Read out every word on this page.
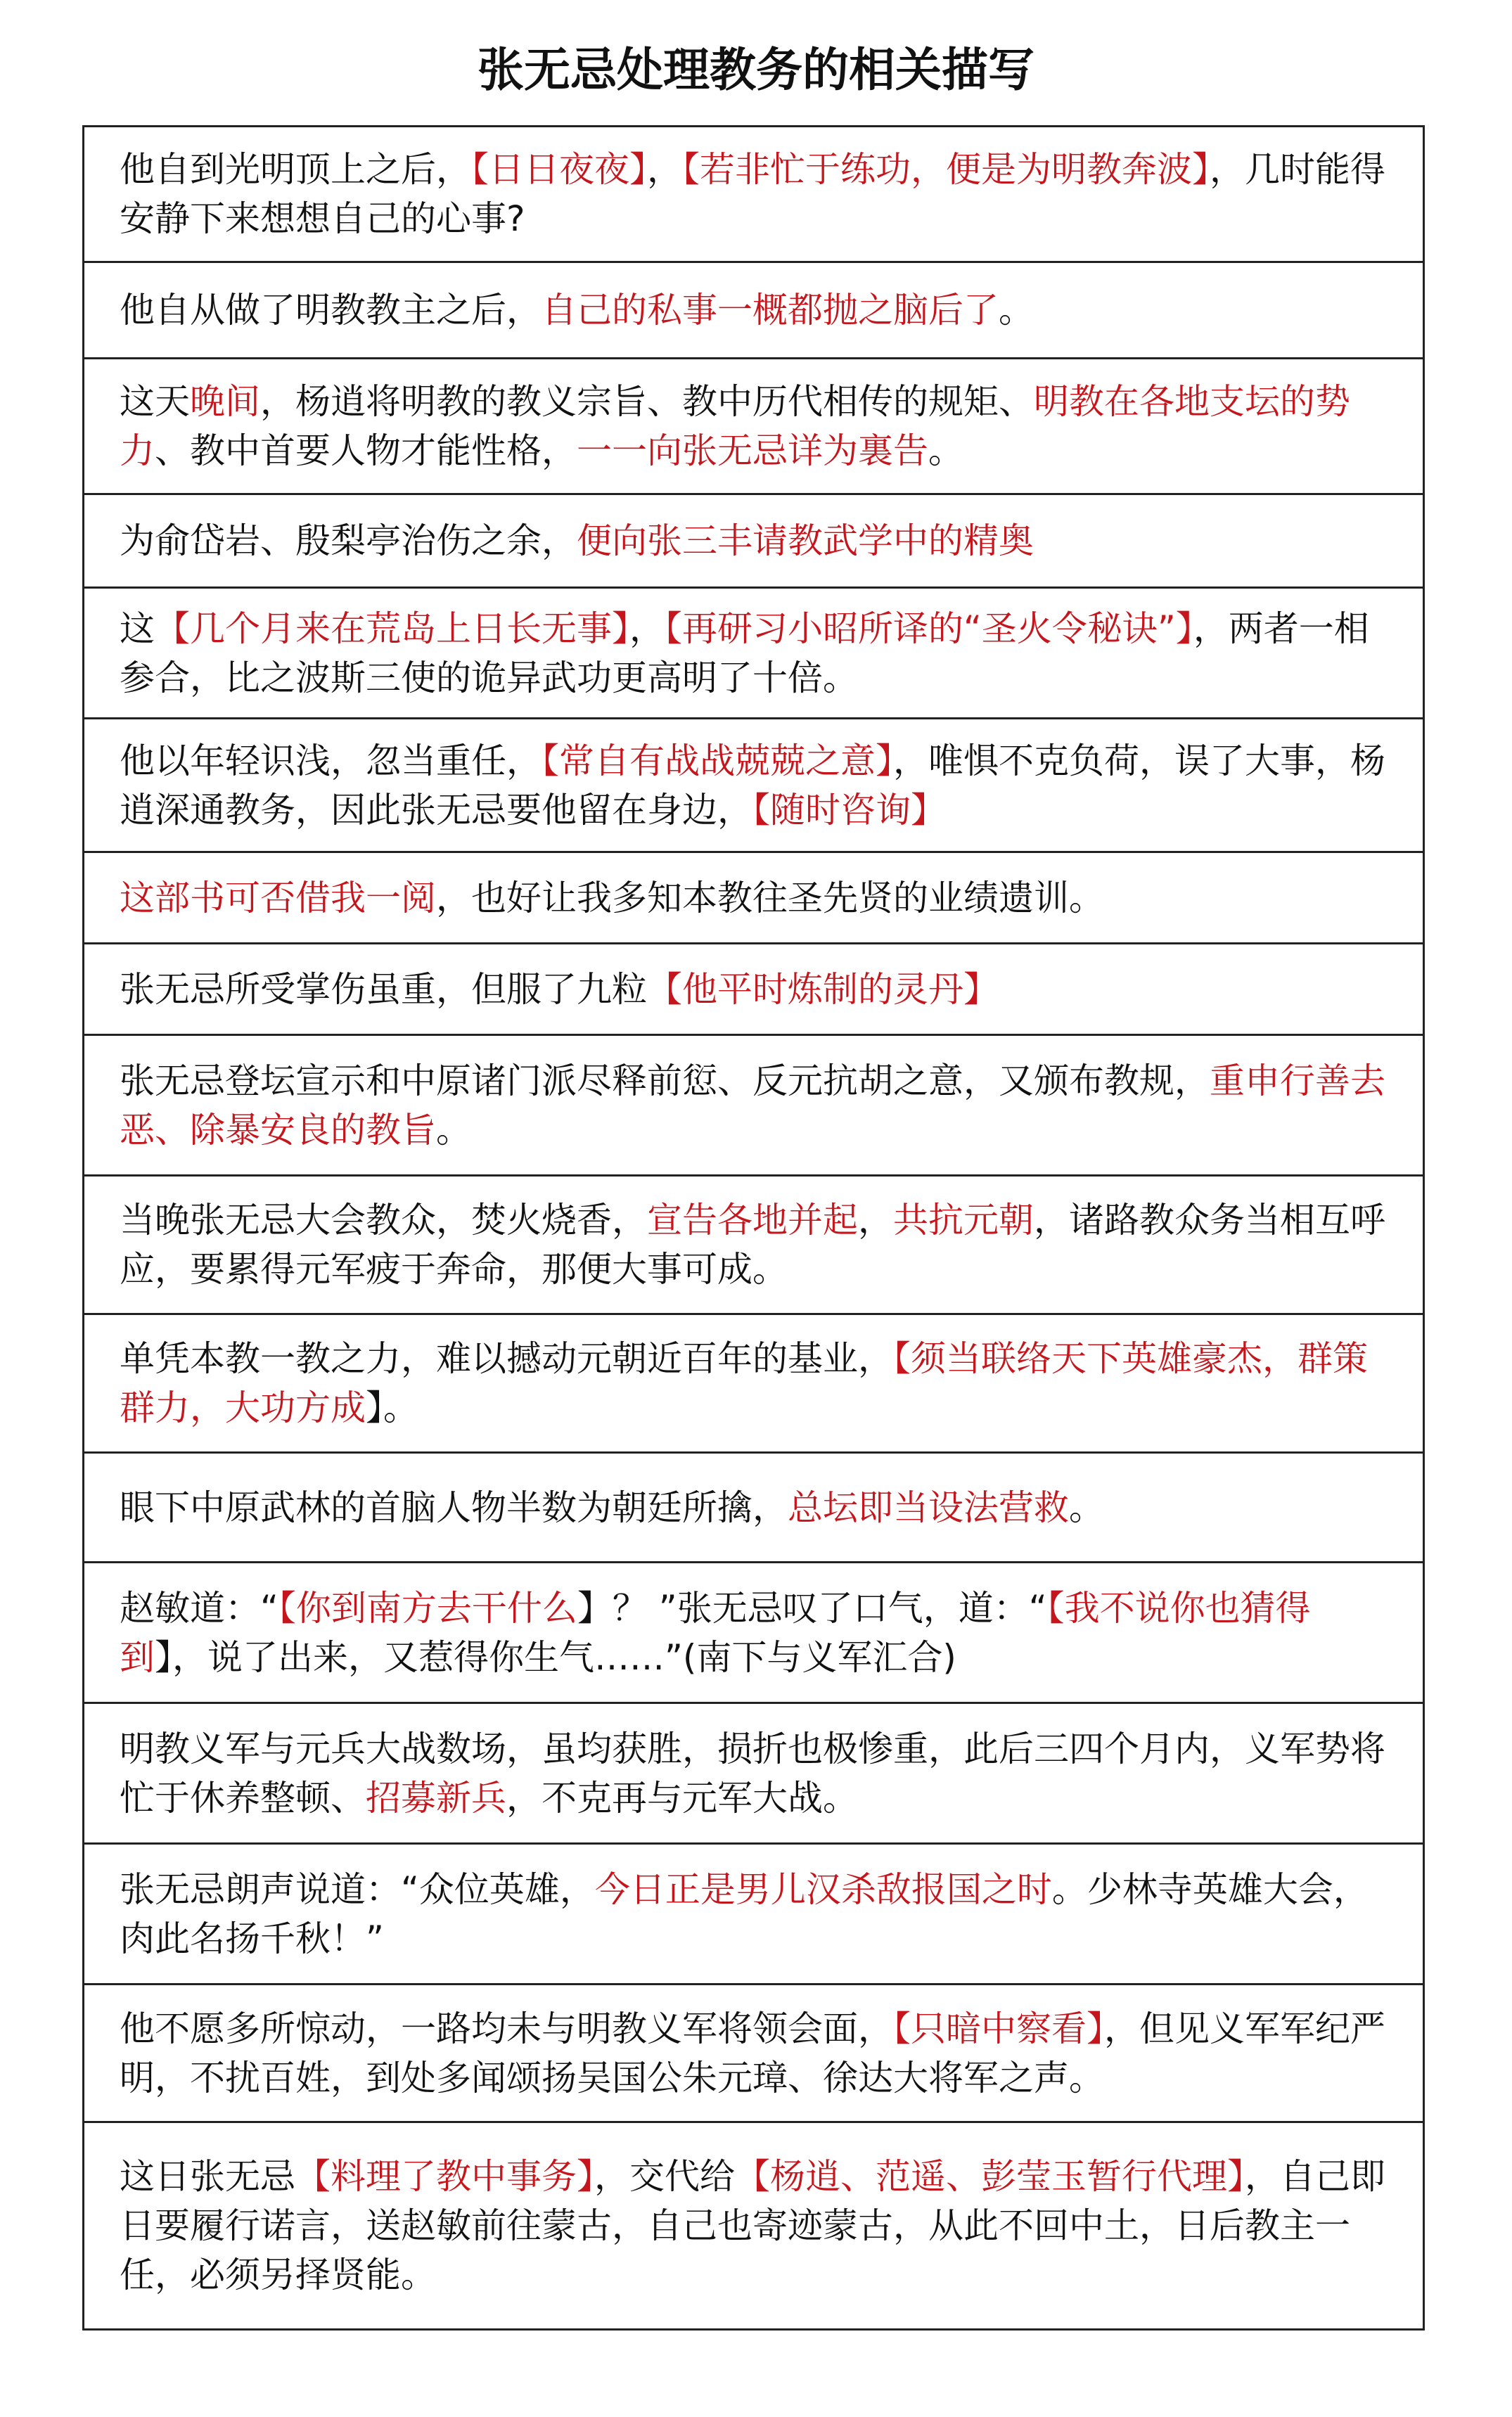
张无忌处理教务的相关描写
他自到光明顶上之后，【日日夜夜】，【若非忙于练功，便是为明教奔波】，几时能得安静下来想想自己的心事?
他自从做了明教教主之后，自己的私事一概都抛之脑后了。
这天晚间，杨逍将明教的教义宗旨、教中历代相传的规矩、明教在各地支坛的势力、教中首要人物才能性格，一一向张无忌详为裏告。
为俞岱岩、殷梨亭治伤之余，便向张三丰请教武学中的精奥
这【几个月来在荒岛上日长无事】，【再研习小昭所译的“圣火令秘诀”】，两者一相参合，比之波斯三使的诡异武功更高明了十倍。
他以年轻识浅，忽当重任，【常自有战战兢兢之意】，唯惧不克负荷，误了大事，杨逍深通教务，因此张无忌要他留在身边，【随时咨询】
这部书可否借我一阅，也好让我多知本教往圣先贤的业绩遗训。
张无忌所受掌伤虽重，但服了九粒【他平时炼制的灵丹】
张无忌登坛宣示和中原诸门派尽释前愆、反元抗胡之意，又颁布教规，重申行善去恶、除暴安良的教旨。
当晚张无忌大会教众，焚火烧香，宣告各地并起，共抗元朝，诸路教众务当相互呼应，要累得元军疲于奔命，那便大事可成。
单凭本教一教之力，难以撼动元朝近百年的基业，【须当联络天下英雄豪杰，群策群力，大功方成】。
眼下中原武林的首脑人物半数为朝廷所擒，总坛即当设法营救。
赵敏道：“【你到南方去干什么】？ ”张无忌叹了口气，道：“【我不说你也猜得到】，说了出来，又惹得你生气……”(南下与义军汇合)
明教义军与元兵大战数场，虽均获胜，损折也极惨重，此后三四个月内，义军势将忙于休养整顿、招募新兵，不克再与元军大战。
张无忌朗声说道：“众位英雄，今日正是男儿汉杀敌报国之时。少林寺英雄大会，肉此名扬千秋！”
他不愿多所惊动，一路均未与明教义军将领会面，【只暗中察看】，但见义军军纪严明，不扰百姓，到处多闻颂扬吴国公朱元璋、徐达大将军之声。
这日张无忌【料理了教中事务】，交代给【杨逍、范遥、彭莹玉暂行代理】，自己即日要履行诺言，送赵敏前往蒙古，自己也寄迹蒙古，从此不回中土，日后教主一任，必须另择贤能。
